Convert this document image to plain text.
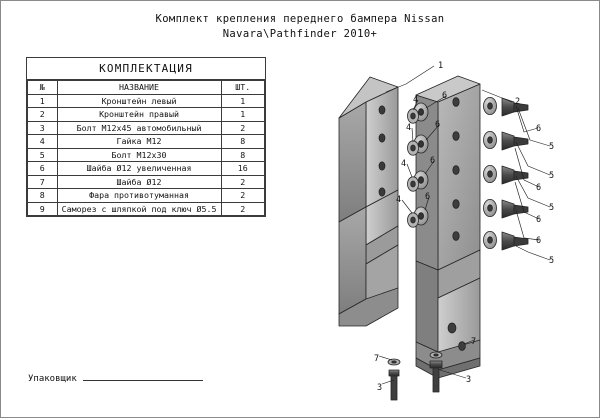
Комплект крепления переднего бампера Nissan
Navara\Pathfinder 2010+
КОМПЛЕКТАЦИЯ
№	НАЗВАНИЕ	ШТ.
1	Кронштейн левый	1
2	Кронштейн правый	1
3	Болт М12х45 автомобильный	2
4	Гайка М12	8
5	Болт М12х30	8
6	Шайба Ø12 увеличенная	16
7	Шайба Ø12	2
8	Фара противотуманная	2
9	Саморез с шляпкой под ключ Ø5.5	2
Упаковщик
1
2
4	6
6
5
4	6
5
6
4	6
5
6
4	6
6
5
7
7
3
3
